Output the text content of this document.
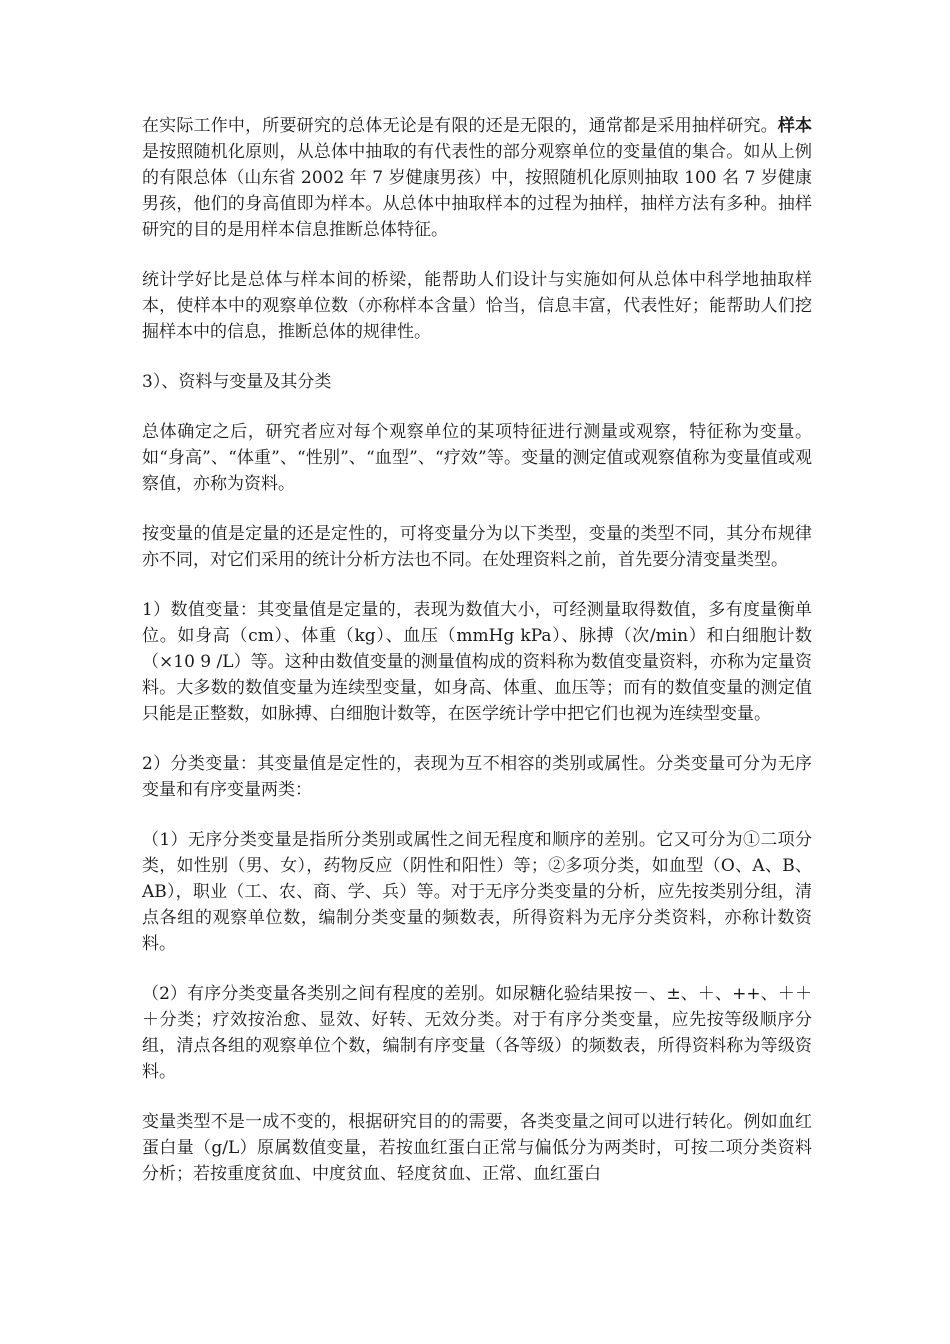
在实际工作中，所要研究的总体无论是有限的还是无限的，通常都是采用抽样研究。样本是按照随机化原则，从总体中抽取的有代表性的部分观察单位的变量值的集合。如从上例的有限总体（山东省 2002 年 7 岁健康男孩）中，按照随机化原则抽取 100 名 7 岁健康男孩，他们的身高值即为样本。从总体中抽取样本的过程为抽样，抽样方法有多种。抽样研究的目的是用样本信息推断总体特征。

统计学好比是总体与样本间的桥梁，能帮助人们设计与实施如何从总体中科学地抽取样本，使样本中的观察单位数（亦称样本含量）恰当，信息丰富，代表性好；能帮助人们挖掘样本中的信息，推断总体的规律性。

3）、资料与变量及其分类

总体确定之后，研究者应对每个观察单位的某项特征进行测量或观察，特征称为变量。如“身高”、“体重”、“性别”、“血型”、“疗效”等。变量的测定值或观察值称为变量值或观察值，亦称为资料。

按变量的值是定量的还是定性的，可将变量分为以下类型，变量的类型不同，其分布规律亦不同，对它们采用的统计分析方法也不同。在处理资料之前，首先要分清变量类型。

1）数值变量：其变量值是定量的，表现为数值大小，可经测量取得数值，多有度量衡单位。如身高（cm）、体重（kg）、血压（mmHg kPa）、脉搏（次/min）和白细胞计数（×10 9 /L）等。这种由数值变量的测量值构成的资料称为数值变量资料，亦称为定量资料。大多数的数值变量为连续型变量，如身高、体重、血压等；而有的数值变量的测定值只能是正整数，如脉搏、白细胞计数等，在医学统计学中把它们也视为连续型变量。

2）分类变量：其变量值是定性的，表现为互不相容的类别或属性。分类变量可分为无序变量和有序变量两类：

（1）无序分类变量是指所分类别或属性之间无程度和顺序的差别。它又可分为①二项分类，如性别（男、女），药物反应（阴性和阳性）等；②多项分类，如血型（O、A、B、AB），职业（工、农、商、学、兵）等。对于无序分类变量的分析，应先按类别分组，清点各组的观察单位数，编制分类变量的频数表，所得资料为无序分类资料，亦称计数资料。

（2）有序分类变量各类别之间有程度的差别。如尿糖化验结果按－、±、＋、++、＋＋＋分类；疗效按治愈、显效、好转、无效分类。对于有序分类变量，应先按等级顺序分组，清点各组的观察单位个数，编制有序变量（各等级）的频数表，所得资料称为等级资料。

变量类型不是一成不变的，根据研究目的的需要，各类变量之间可以进行转化。例如血红蛋白量（g/L）原属数值变量，若按血红蛋白正常与偏低分为两类时，可按二项分类资料分析；若按重度贫血、中度贫血、轻度贫血、正常、血红蛋白
